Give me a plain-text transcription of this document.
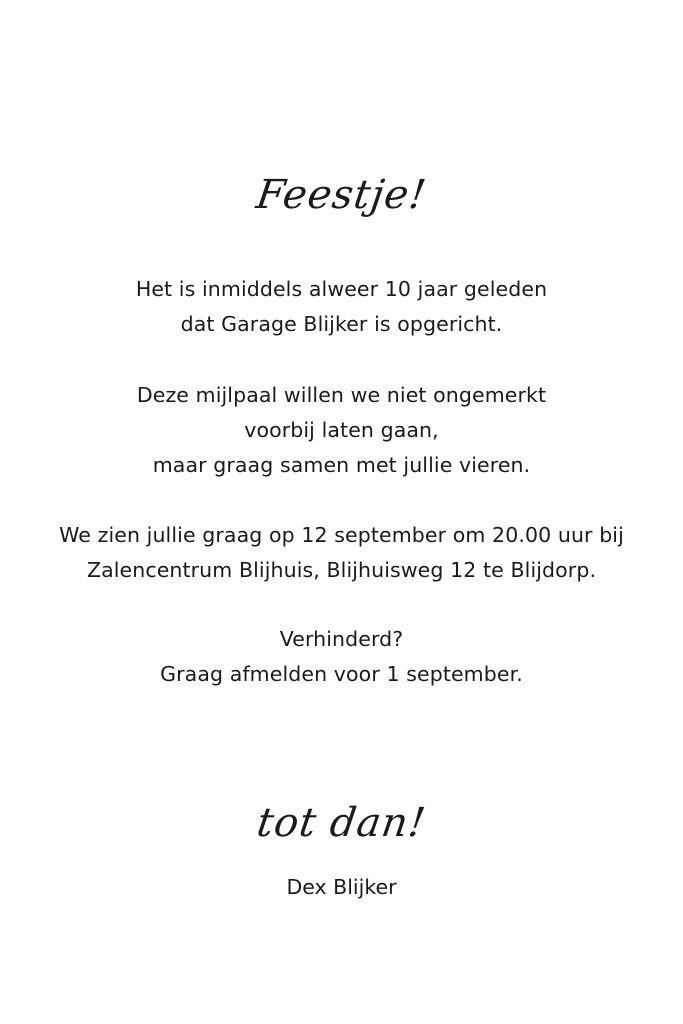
Feestje!
Het is inmiddels alweer 10 jaar geleden
dat Garage Blijker is opgericht.
Deze mijlpaal willen we niet ongemerkt
voorbij laten gaan,
maar graag samen met jullie vieren.
We zien jullie graag op 12 september om 20.00 uur bij
Zalencentrum Blijhuis, Blijhuisweg 12 te Blijdorp.
Verhinderd?
Graag afmelden voor 1 september.
tot dan!
Dex Blijker
